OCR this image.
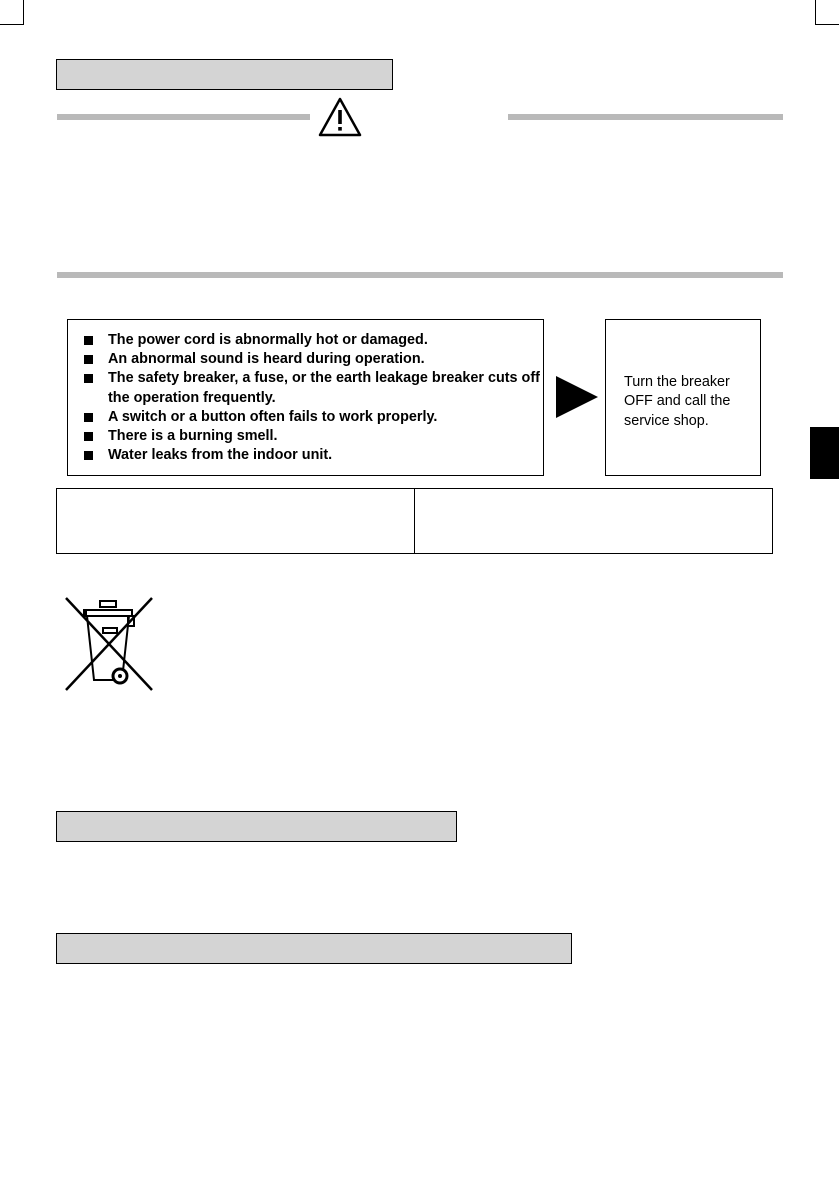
The power cord is abnormally hot or damaged.
An abnormal sound is heard during operation.
The safety breaker, a fuse, or the earth leakage breaker cuts off the operation frequently.
A switch or a button often fails to work properly.
There is a burning smell.
Water leaks from the indoor unit.

Turn the breaker
OFF and call the
service shop.
